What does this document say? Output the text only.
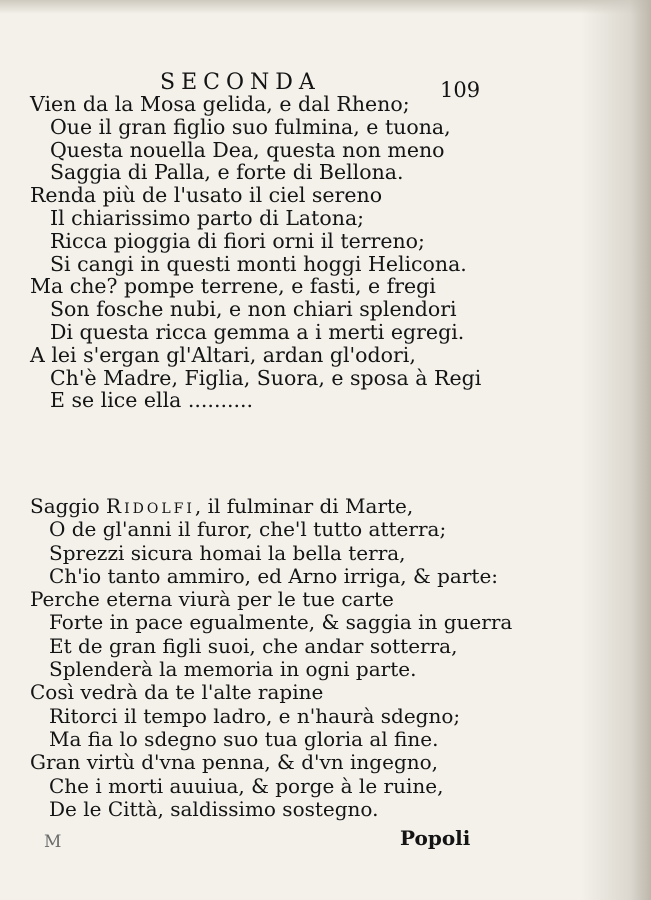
SECONDA	109
Vien da la Mosa gelida, e dal Rheno;
Oue il gran figlio suo fulmina, e tuona,
Questa nouella Dea, questa non meno
Saggia di Palla, e forte di Bellona.
Renda più de l'usato il ciel sereno
Il chiarissimo parto di Latona;
Ricca pioggia di fiori orni il terreno;
Si cangi in questi monti hoggi Helicona.
Ma che? pompe terrene, e fasti, e fregi
Son fosche nubi, e non chiari splendori
Di questa ricca gemma a i merti egregi.
A lei s'ergan gl'Altari, ardan gl'odori,
Ch'è Madre, Figlia, Suora, e sposa à Regi
E se lice ella ..........
Saggio Ridolfi, il fulminar di Marte,
O de gl'anni il furor, che'l tutto atterra;
Sprezzi sicura homai la bella terra,
Ch'io tanto ammiro, ed Arno irriga, & parte:
Perche eterna viurà per le tue carte
Forte in pace egualmente, & saggia in guerra
Et de gran figli suoi, che andar sotterra,
Splenderà la memoria in ogni parte.
Così vedrà da te l'alte rapine
Ritorci il tempo ladro, e n'haurà sdegno;
Ma fia lo sdegno suo tua gloria al fine.
Gran virtù d'vna penna, & d'vn ingegno,
Che i morti auuiua, & porge à le ruine,
De le Città, saldissimo sostegno.
M	Popoli
